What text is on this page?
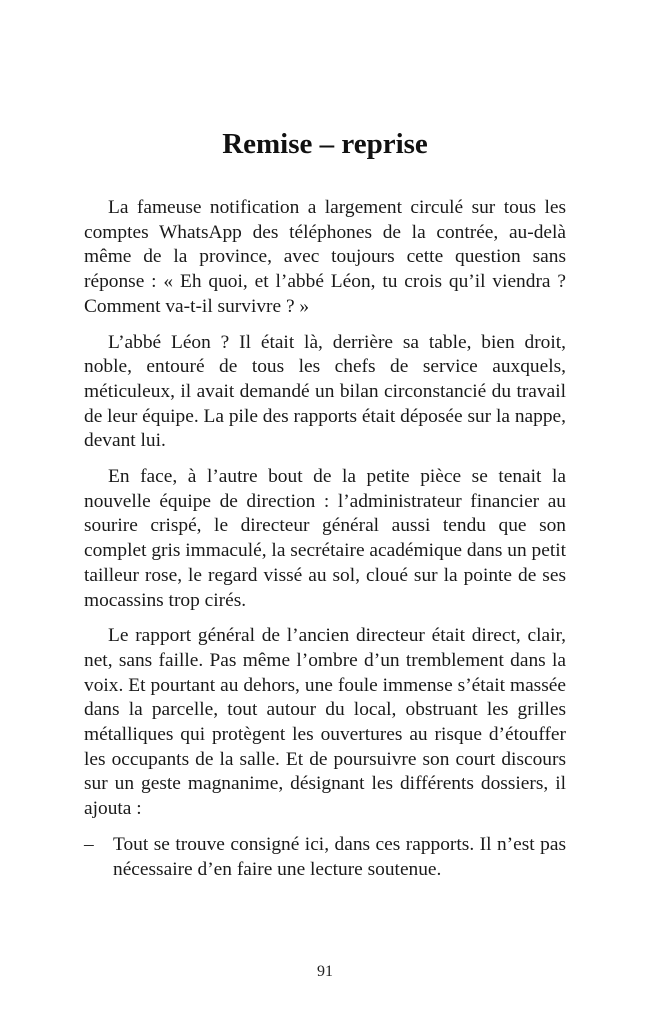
Remise – reprise

La fameuse notification a largement circulé sur tous les comptes WhatsApp des téléphones de la contrée, au-delà même de la province, avec toujours cette question sans réponse : « Eh quoi, et l’abbé Léon, tu crois qu’il viendra ? Comment va-t-il survivre ? »

L’abbé Léon ? Il était là, derrière sa table, bien droit, noble, entouré de tous les chefs de service auxquels, méticuleux, il avait demandé un bilan circonstancié du travail de leur équipe. La pile des rapports était déposée sur la nappe, devant lui.

En face, à l’autre bout de la petite pièce se tenait la nouvelle équipe de direction : l’administrateur financier au sourire crispé, le directeur général aussi tendu que son complet gris immaculé, la secrétaire académique dans un petit tailleur rose, le regard vissé au sol, cloué sur la pointe de ses mocassins trop cirés.

Le rapport général de l’ancien directeur était direct, clair, net, sans faille. Pas même l’ombre d’un tremblement dans la voix. Et pourtant au dehors, une foule immense s’était massée dans la parcelle, tout autour du local, obstruant les grilles métalliques qui protègent les ouvertures au risque d’étouffer les occupants de la salle. Et de poursuivre son court discours sur un geste magnanime, désignant les différents dossiers, il ajouta :

– Tout se trouve consigné ici, dans ces rapports. Il n’est pas nécessaire d’en faire une lecture soutenue.

91
